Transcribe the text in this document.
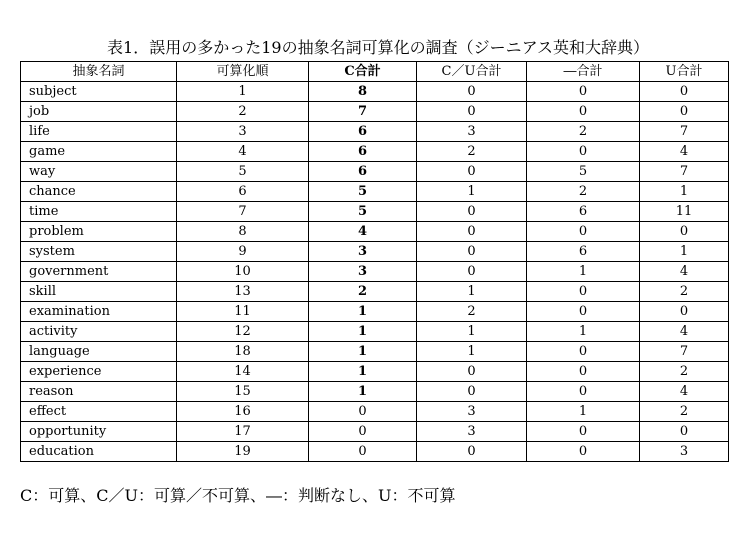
表1．誤用の多かった19の抽象名詞可算化の調査（ジーニアス英和大辞典）
抽象名詞	可算化順	C合計	C／U合計	―合計	U合計
subject	1	8	0	0	0
job	2	7	0	0	0
life	3	6	3	2	7
game	4	6	2	0	4
way	5	6	0	5	7
chance	6	5	1	2	1
time	7	5	0	6	11
problem	8	4	0	0	0
system	9	3	0	6	1
government	10	3	0	1	4
skill	13	2	1	0	2
examination	11	1	2	0	0
activity	12	1	1	1	4
language	18	1	1	0	7
experience	14	1	0	0	2
reason	15	1	0	0	4
effect	16	0	3	1	2
opportunity	17	0	3	0	0
education	19	0	0	0	3
C：可算、C／U：可算／不可算、―：判断なし、U：不可算
